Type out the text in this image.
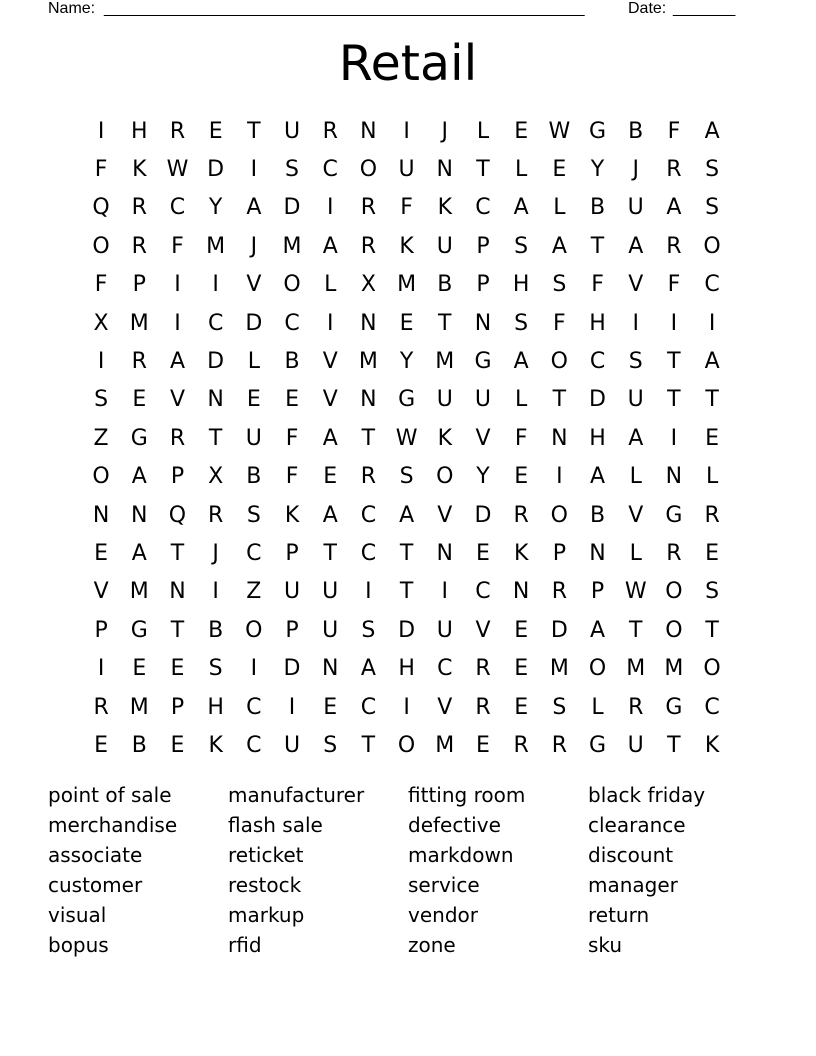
Name: ______________________________________________________	Date: _______
Retail
I	H	R	E	T	U	R	N	I	J	L	E W G	B	F	A
F	K W D	I	S	C O U N	T	L	E	Y	J	R	S
Q R	C	Y	A	D	I	R	F	K	C	A	L	B	U	A	S
O R	F	M	J	M A	R	K	U	P	S	A	T	A	R O
F	P	I	I	V O	L	X M B	P	H	S	F	V	F	C
X M	I	C	D	C	I	N	E	T	N	S	F	H	I	I	I
I	R	A	D	L	B	V M Y M G	A O C	S	T	A
S	E	V	N	E	E	V	N G U	U	L	T	D U	T	T
Z	G	R	T	U	F	A	T W K	V	F	N H	A	I	E
O	A	P	X	B	F	E	R	S	O	Y	E	I	A	L	N	L
N N Q R	S	K	A	C	A	V	D	R O B	V	G	R
E	A	T	J	C	P	T	C	T	N	E	K	P	N	L	R	E
V M N	I	Z	U	U	I	T	I	C	N	R	P W O	S
P	G	T	B O	P	U	S	D U	V	E	D	A	T	O	T
I	E	E	S	I	D N	A	H	C	R	E M O M M O
R M	P	H	C	I	E	C	I	V	R	E	S	L	R	G C
E	B	E	K	C	U	S	T	O M E	R	R	G U	T	K
point of sale	manufacturer	fitting room	black friday
merchandise	flash sale	defective	clearance
associate	reticket	markdown	discount
customer	restock	service	manager
visual	markup	vendor	return
bopus	rfid	zone	sku
